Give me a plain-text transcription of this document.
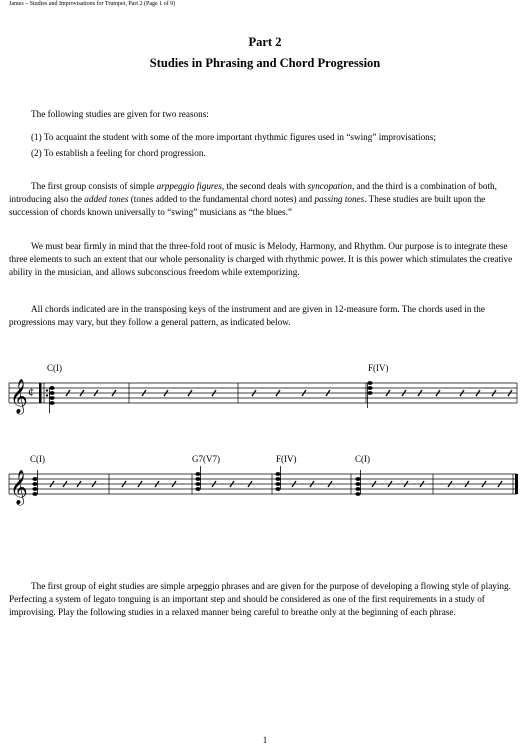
James – Studies and Improvisations for Trumpet, Part 2 (Page 1 of 9)
Part 2
Studies in Phrasing and Chord Progression

The following studies are given for two reasons:

(1) To acquaint the student with some of the more important rhythmic figures used in “swing” improvisations;
(2) To establish a feeling for chord progression.

The first group consists of simple arppeggio figures, the second deals with syncopation, and the third is a combination of both, introducing also the added tones (tones added to the fundamental chord notes) and passing tones. These studies are built upon the succession of chords known universally to “swing” musicians as “the blues.”

We must bear firmly in mind that the three-fold root of music is Melody, Harmony, and Rhythm. Our purpose is to integrate these three elements to such an extent that our whole personality is charged with rhythmic power. It is this power which stimulates the creative ability in the musician, and allows subconscious freedom while extemporizing.

All chords indicated are in the transposing keys of the instrument and are given in 12-measure form. The chords used in the progressions may vary, but they follow a general pattern, as indicated below.

𝄞 ¢
C(I)	F(IV)
𝄞
C(I)	G7(V7)	F(IV)	C(I)

The first group of eight studies are simple arpeggio phrases and are given for the purpose of developing a flowing style of playing. Perfecting a system of legato tonguing is an important step and should be considered as one of the first requirements in a study of improvising. Play the following studies in a relaxed manner being careful to breathe only at the beginning of each phrase.

1
